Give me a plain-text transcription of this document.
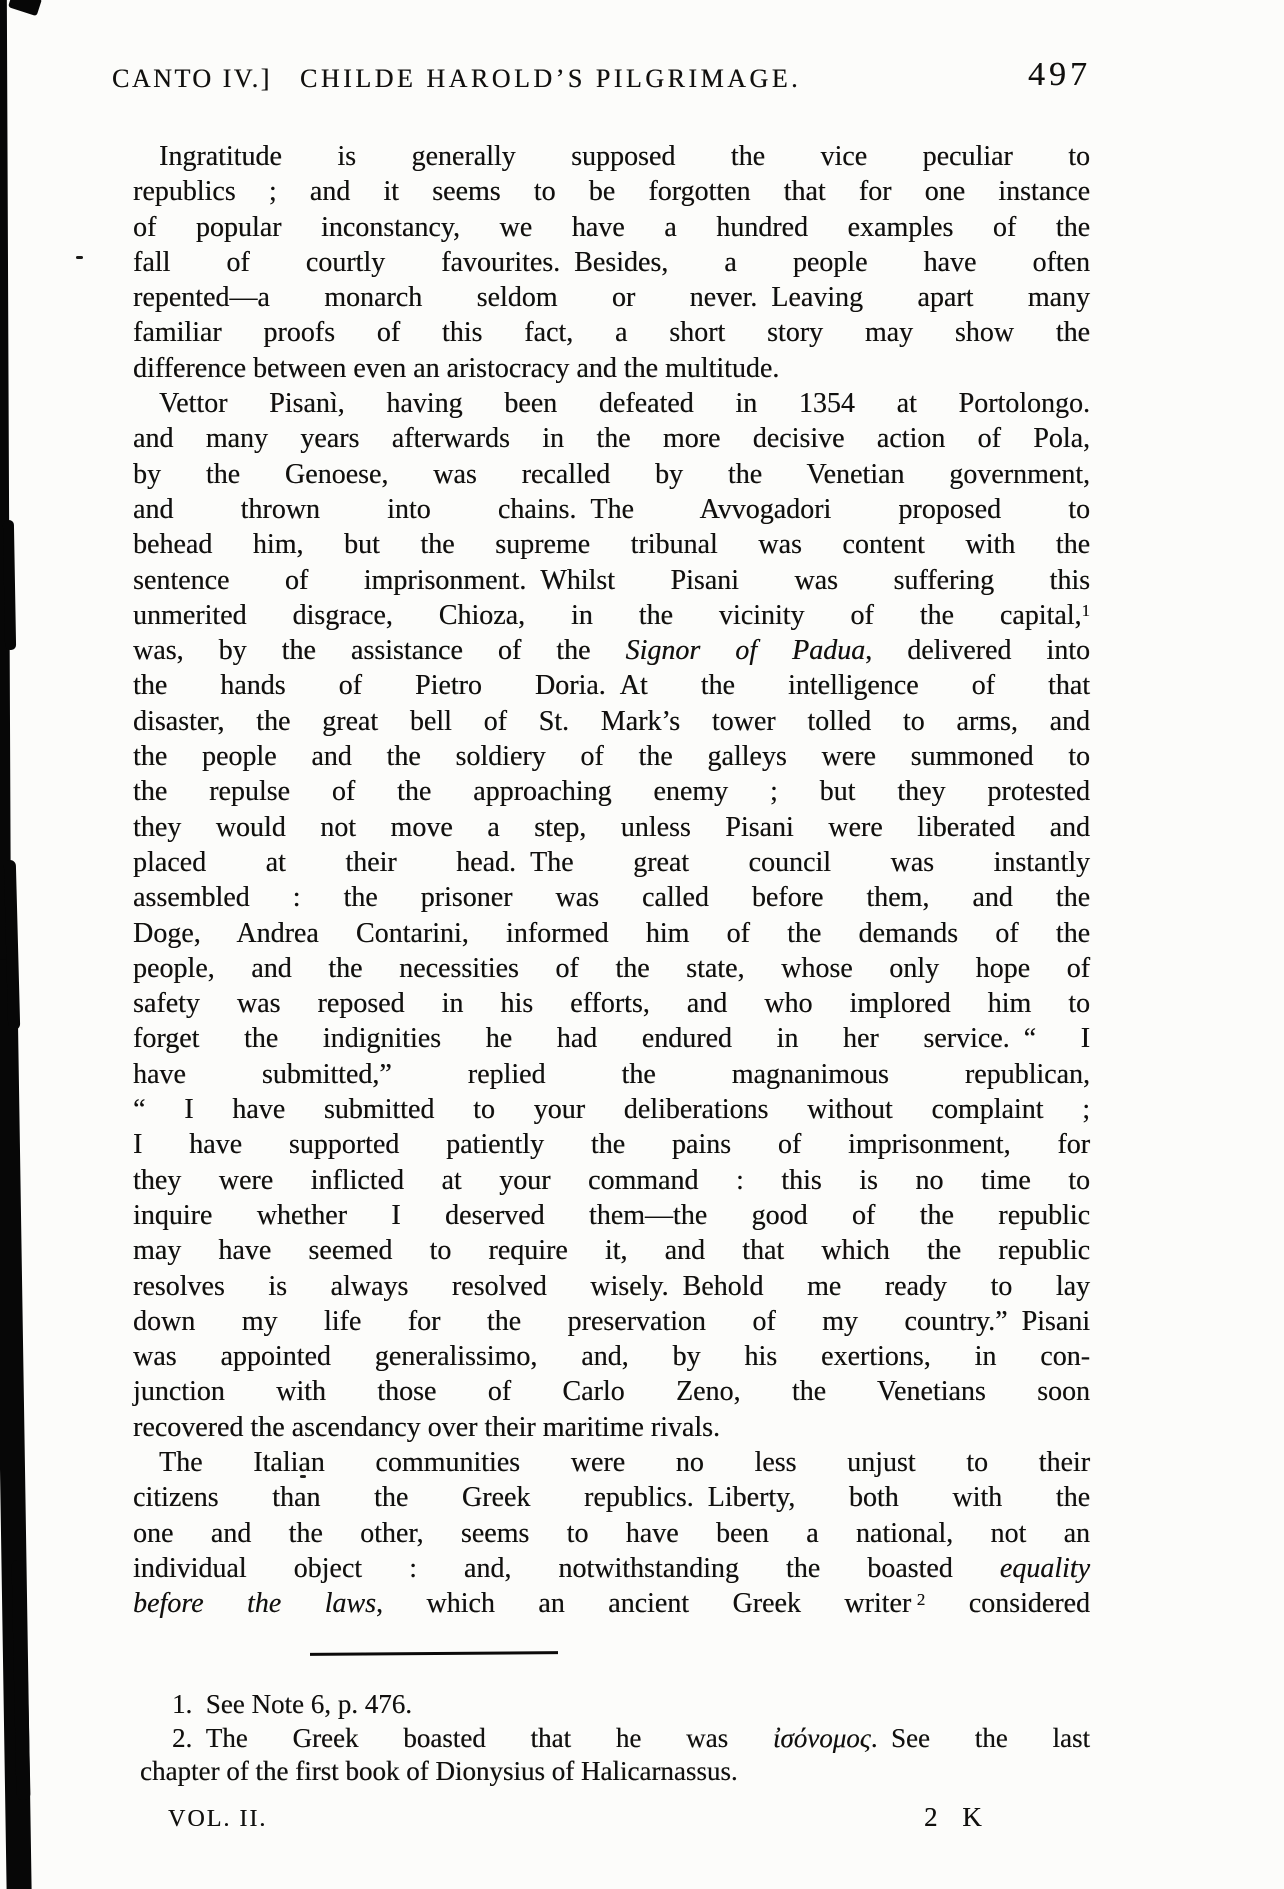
CANTO IV.] CHILDE HAROLD’S PILGRIMAGE.	497
Ingratitude is generally supposed the vice peculiar to
republics ; and it seems to be forgotten that for one instance
of popular inconstancy, we have a hundred examples of the
fall of courtly favourites. Besides, a people have often
repented—a monarch seldom or never. Leaving apart many
familiar proofs of this fact, a short story may show the
difference between even an aristocracy and the multitude.
Vettor Pisanì, having been defeated in 1354 at Portolongo.
and many years afterwards in the more decisive action of Pola,
by the Genoese, was recalled by the Venetian government,
and thrown into chains. The Avvogadori proposed to
behead him, but the supreme tribunal was content with the
sentence of imprisonment. Whilst Pisani was suffering this
unmerited disgrace, Chioza, in the vicinity of the capital,$^1$
was, by the assistance of the Signor of Padua, delivered into
the hands of Pietro Doria. At the intelligence of that
disaster, the great bell of St. Mark’s tower tolled to arms, and
the people and the soldiery of the galleys were summoned to
the repulse of the approaching enemy ; but they protested
they would not move a step, unless Pisani were liberated and
placed at their head. The great council was instantly
assembled : the prisoner was called before them, and the
Doge, Andrea Contarini, informed him of the demands of the
people, and the necessities of the state, whose only hope of
safety was reposed in his efforts, and who implored him to
forget the indignities he had endured in her service. “ I
have submitted,” replied the magnanimous republican,
“ I have submitted to your deliberations without complaint ;
I have supported patiently the pains of imprisonment, for
they were inflicted at your command : this is no time to
inquire whether I deserved them—the good of the republic
may have seemed to require it, and that which the republic
resolves is always resolved wisely. Behold me ready to lay
down my life for the preservation of my country.” Pisani
was appointed generalissimo, and, by his exertions, in con-
junction with those of Carlo Zeno, the Venetians soon
recovered the ascendancy over their maritime rivals.
The Italian communities were no less unjust to their
citizens than the Greek republics. Liberty, both with the
one and the other, seems to have been a national, not an
individual object : and, notwithstanding the boasted equality
before the laws, which an ancient Greek writer $^2$ considered
1. See Note 6, p. 476.
2. The Greek boasted that he was ἰσόνομος. See the last
chapter of the first book of Dionysius of Halicarnassus.
VOL. II.	2 K
